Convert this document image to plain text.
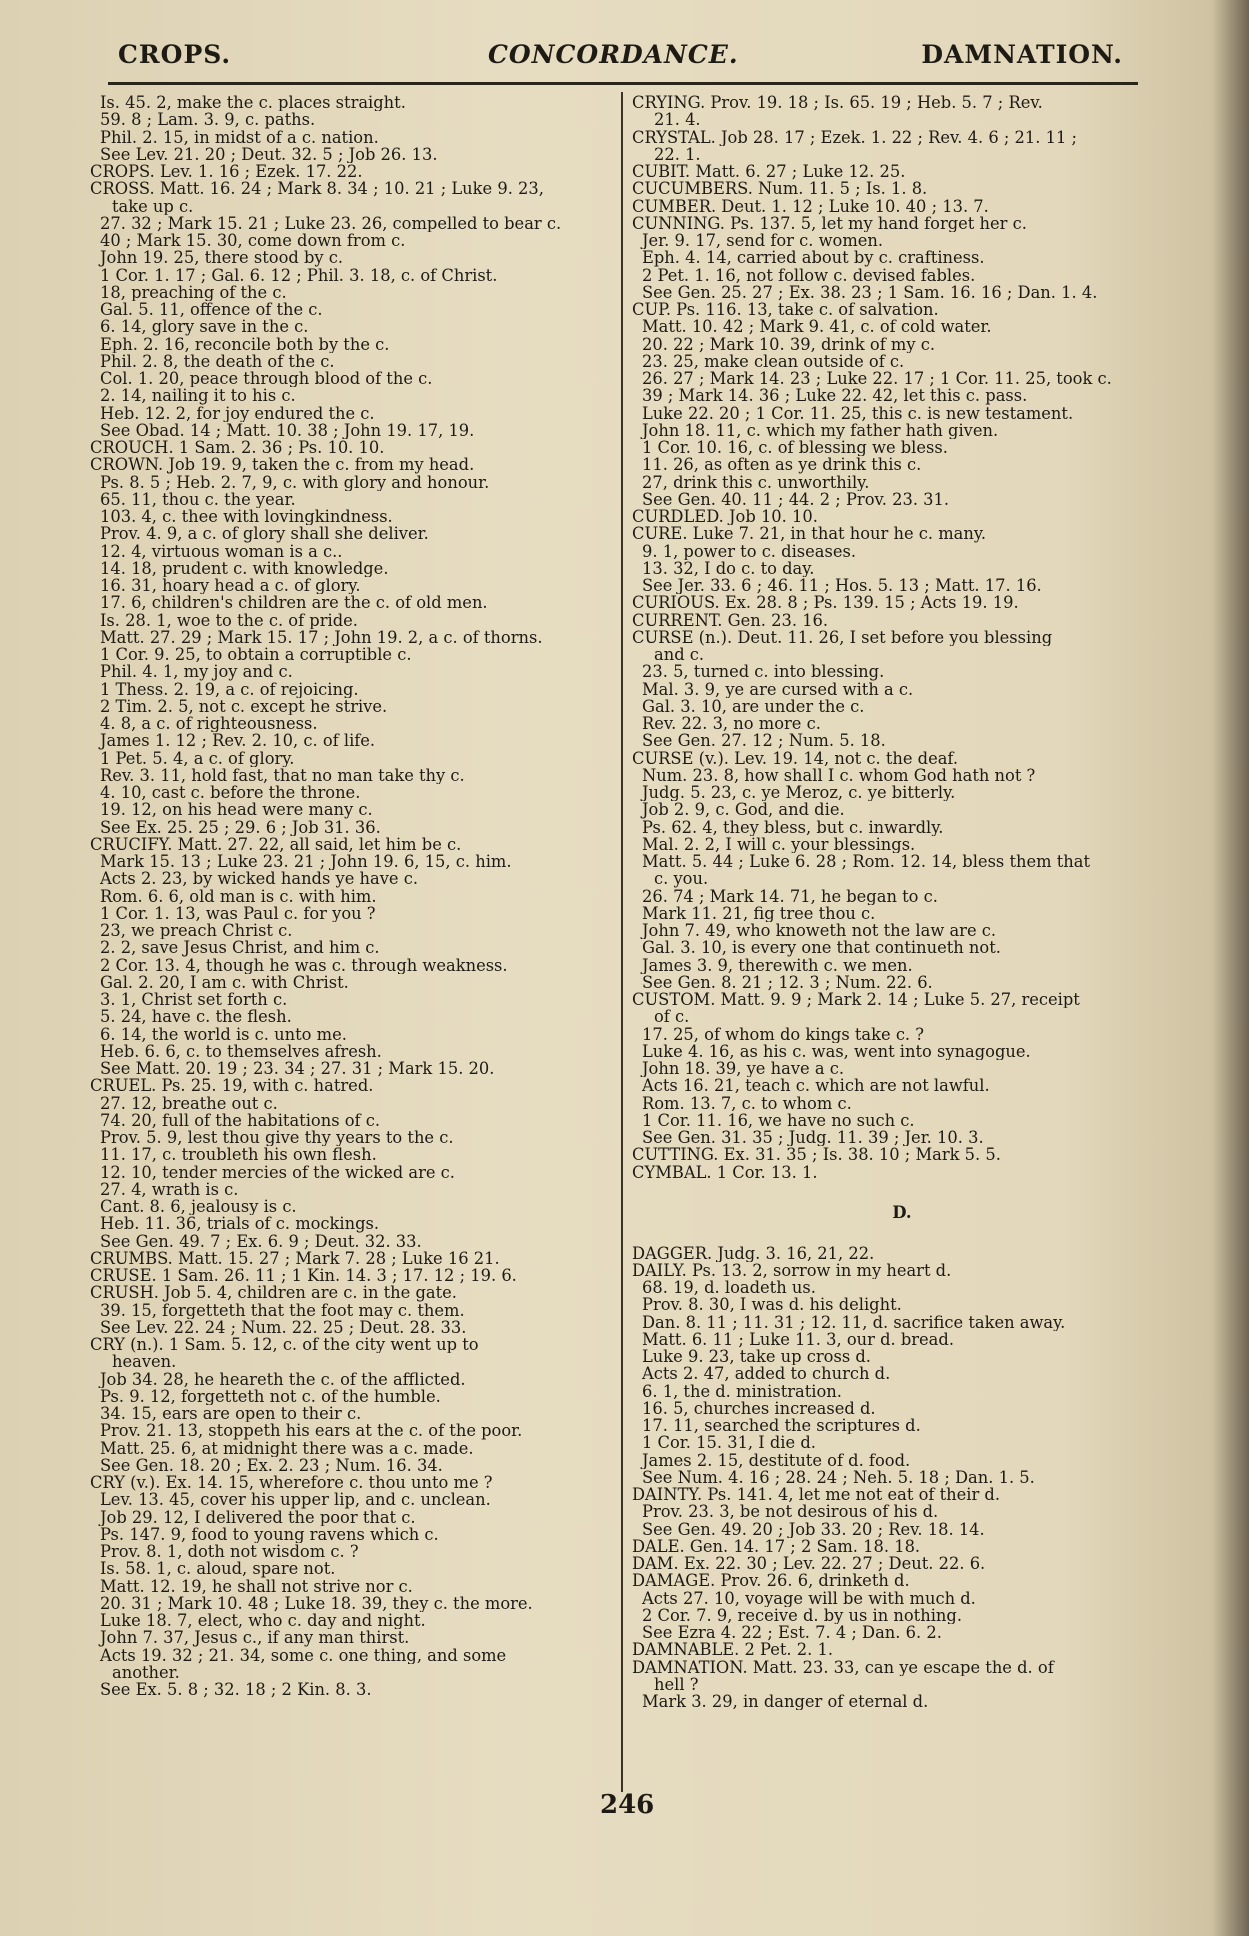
CROPS.	CONCORDANCE.	DAMNATION.
Is. 45. 2, make the c. places straight.
59. 8 ; Lam. 3. 9, c. paths.
Phil. 2. 15, in midst of a c. nation.
See Lev. 21. 20 ; Deut. 32. 5 ; Job 26. 13.
CROPS. Lev. 1. 16 ; Ezek. 17. 22.
CROSS. Matt. 16. 24 ; Mark 8. 34 ; 10. 21 ; Luke 9. 23,
take up c.
27. 32 ; Mark 15. 21 ; Luke 23. 26, compelled to bear c.
40 ; Mark 15. 30, come down from c.
John 19. 25, there stood by c.
1 Cor. 1. 17 ; Gal. 6. 12 ; Phil. 3. 18, c. of Christ.
18, preaching of the c.
Gal. 5. 11, offence of the c.
6. 14, glory save in the c.
Eph. 2. 16, reconcile both by the c.
Phil. 2. 8, the death of the c.
Col. 1. 20, peace through blood of the c.
2. 14, nailing it to his c.
Heb. 12. 2, for joy endured the c.
See Obad. 14 ; Matt. 10. 38 ; John 19. 17, 19.
CROUCH. 1 Sam. 2. 36 ; Ps. 10. 10.
CROWN. Job 19. 9, taken the c. from my head.
Ps. 8. 5 ; Heb. 2. 7, 9, c. with glory and honour.
65. 11, thou c. the year.
103. 4, c. thee with lovingkindness.
Prov. 4. 9, a c. of glory shall she deliver.
12. 4, virtuous woman is a c..
14. 18, prudent c. with knowledge.
16. 31, hoary head a c. of glory.
17. 6, children's children are the c. of old men.
Is. 28. 1, woe to the c. of pride.
Matt. 27. 29 ; Mark 15. 17 ; John 19. 2, a c. of thorns.
1 Cor. 9. 25, to obtain a corruptible c.
Phil. 4. 1, my joy and c.
1 Thess. 2. 19, a c. of rejoicing.
2 Tim. 2. 5, not c. except he strive.
4. 8, a c. of righteousness.
James 1. 12 ; Rev. 2. 10, c. of life.
1 Pet. 5. 4, a c. of glory.
Rev. 3. 11, hold fast, that no man take thy c.
4. 10, cast c. before the throne.
19. 12, on his head were many c.
See Ex. 25. 25 ; 29. 6 ; Job 31. 36.
CRUCIFY. Matt. 27. 22, all said, let him be c.
Mark 15. 13 ; Luke 23. 21 ; John 19. 6, 15, c. him.
Acts 2. 23, by wicked hands ye have c.
Rom. 6. 6, old man is c. with him.
1 Cor. 1. 13, was Paul c. for you ?
23, we preach Christ c.
2. 2, save Jesus Christ, and him c.
2 Cor. 13. 4, though he was c. through weakness.
Gal. 2. 20, I am c. with Christ.
3. 1, Christ set forth c.
5. 24, have c. the flesh.
6. 14, the world is c. unto me.
Heb. 6. 6, c. to themselves afresh.
See Matt. 20. 19 ; 23. 34 ; 27. 31 ; Mark 15. 20.
CRUEL. Ps. 25. 19, with c. hatred.
27. 12, breathe out c.
74. 20, full of the habitations of c.
Prov. 5. 9, lest thou give thy years to the c.
11. 17, c. troubleth his own flesh.
12. 10, tender mercies of the wicked are c.
27. 4, wrath is c.
Cant. 8. 6, jealousy is c.
Heb. 11. 36, trials of c. mockings.
See Gen. 49. 7 ; Ex. 6. 9 ; Deut. 32. 33.
CRUMBS. Matt. 15. 27 ; Mark 7. 28 ; Luke 16 21.
CRUSE. 1 Sam. 26. 11 ; 1 Kin. 14. 3 ; 17. 12 ; 19. 6.
CRUSH. Job 5. 4, children are c. in the gate.
39. 15, forgetteth that the foot may c. them.
See Lev. 22. 24 ; Num. 22. 25 ; Deut. 28. 33.
CRY (n.). 1 Sam. 5. 12, c. of the city went up to
heaven.
Job 34. 28, he heareth the c. of the afflicted.
Ps. 9. 12, forgetteth not c. of the humble.
34. 15, ears are open to their c.
Prov. 21. 13, stoppeth his ears at the c. of the poor.
Matt. 25. 6, at midnight there was a c. made.
See Gen. 18. 20 ; Ex. 2. 23 ; Num. 16. 34.
CRY (v.). Ex. 14. 15, wherefore c. thou unto me ?
Lev. 13. 45, cover his upper lip, and c. unclean.
Job 29. 12, I delivered the poor that c.
Ps. 147. 9, food to young ravens which c.
Prov. 8. 1, doth not wisdom c. ?
Is. 58. 1, c. aloud, spare not.
Matt. 12. 19, he shall not strive nor c.
20. 31 ; Mark 10. 48 ; Luke 18. 39, they c. the more.
Luke 18. 7, elect, who c. day and night.
John 7. 37, Jesus c., if any man thirst.
Acts 19. 32 ; 21. 34, some c. one thing, and some
another.
See Ex. 5. 8 ; 32. 18 ; 2 Kin. 8. 3.
CRYING. Prov. 19. 18 ; Is. 65. 19 ; Heb. 5. 7 ; Rev.
21. 4.
CRYSTAL. Job 28. 17 ; Ezek. 1. 22 ; Rev. 4. 6 ; 21. 11 ;
22. 1.
CUBIT. Matt. 6. 27 ; Luke 12. 25.
CUCUMBERS. Num. 11. 5 ; Is. 1. 8.
CUMBER. Deut. 1. 12 ; Luke 10. 40 ; 13. 7.
CUNNING. Ps. 137. 5, let my hand forget her c.
Jer. 9. 17, send for c. women.
Eph. 4. 14, carried about by c. craftiness.
2 Pet. 1. 16, not follow c. devised fables.
See Gen. 25. 27 ; Ex. 38. 23 ; 1 Sam. 16. 16 ; Dan. 1. 4.
CUP. Ps. 116. 13, take c. of salvation.
Matt. 10. 42 ; Mark 9. 41, c. of cold water.
20. 22 ; Mark 10. 39, drink of my c.
23. 25, make clean outside of c.
26. 27 ; Mark 14. 23 ; Luke 22. 17 ; 1 Cor. 11. 25, took c.
39 ; Mark 14. 36 ; Luke 22. 42, let this c. pass.
Luke 22. 20 ; 1 Cor. 11. 25, this c. is new testament.
John 18. 11, c. which my father hath given.
1 Cor. 10. 16, c. of blessing we bless.
11. 26, as often as ye drink this c.
27, drink this c. unworthily.
See Gen. 40. 11 ; 44. 2 ; Prov. 23. 31.
CURDLED. Job 10. 10.
CURE. Luke 7. 21, in that hour he c. many.
9. 1, power to c. diseases.
13. 32, I do c. to day.
See Jer. 33. 6 ; 46. 11 ; Hos. 5. 13 ; Matt. 17. 16.
CURIOUS. Ex. 28. 8 ; Ps. 139. 15 ; Acts 19. 19.
CURRENT. Gen. 23. 16.
CURSE (n.). Deut. 11. 26, I set before you blessing
and c.
23. 5, turned c. into blessing.
Mal. 3. 9, ye are cursed with a c.
Gal. 3. 10, are under the c.
Rev. 22. 3, no more c.
See Gen. 27. 12 ; Num. 5. 18.
CURSE (v.). Lev. 19. 14, not c. the deaf.
Num. 23. 8, how shall I c. whom God hath not ?
Judg. 5. 23, c. ye Meroz, c. ye bitterly.
Job 2. 9, c. God, and die.
Ps. 62. 4, they bless, but c. inwardly.
Mal. 2. 2, I will c. your blessings.
Matt. 5. 44 ; Luke 6. 28 ; Rom. 12. 14, bless them that
c. you.
26. 74 ; Mark 14. 71, he began to c.
Mark 11. 21, fig tree thou c.
John 7. 49, who knoweth not the law are c.
Gal. 3. 10, is every one that continueth not.
James 3. 9, therewith c. we men.
See Gen. 8. 21 ; 12. 3 ; Num. 22. 6.
CUSTOM. Matt. 9. 9 ; Mark 2. 14 ; Luke 5. 27, receipt
of c.
17. 25, of whom do kings take c. ?
Luke 4. 16, as his c. was, went into synagogue.
John 18. 39, ye have a c.
Acts 16. 21, teach c. which are not lawful.
Rom. 13. 7, c. to whom c.
1 Cor. 11. 16, we have no such c.
See Gen. 31. 35 ; Judg. 11. 39 ; Jer. 10. 3.
CUTTING. Ex. 31. 35 ; Is. 38. 10 ; Mark 5. 5.
CYMBAL. 1 Cor. 13. 1.
D.
DAGGER. Judg. 3. 16, 21, 22.
DAILY. Ps. 13. 2, sorrow in my heart d.
68. 19, d. loadeth us.
Prov. 8. 30, I was d. his delight.
Dan. 8. 11 ; 11. 31 ; 12. 11, d. sacrifice taken away.
Matt. 6. 11 ; Luke 11. 3, our d. bread.
Luke 9. 23, take up cross d.
Acts 2. 47, added to church d.
6. 1, the d. ministration.
16. 5, churches increased d.
17. 11, searched the scriptures d.
1 Cor. 15. 31, I die d.
James 2. 15, destitute of d. food.
See Num. 4. 16 ; 28. 24 ; Neh. 5. 18 ; Dan. 1. 5.
DAINTY. Ps. 141. 4, let me not eat of their d.
Prov. 23. 3, be not desirous of his d.
See Gen. 49. 20 ; Job 33. 20 ; Rev. 18. 14.
DALE. Gen. 14. 17 ; 2 Sam. 18. 18.
DAM. Ex. 22. 30 ; Lev. 22. 27 ; Deut. 22. 6.
DAMAGE. Prov. 26. 6, drinketh d.
Acts 27. 10, voyage will be with much d.
2 Cor. 7. 9, receive d. by us in nothing.
See Ezra 4. 22 ; Est. 7. 4 ; Dan. 6. 2.
DAMNABLE. 2 Pet. 2. 1.
DAMNATION. Matt. 23. 33, can ye escape the d. of
hell ?
Mark 3. 29, in danger of eternal d.
246
